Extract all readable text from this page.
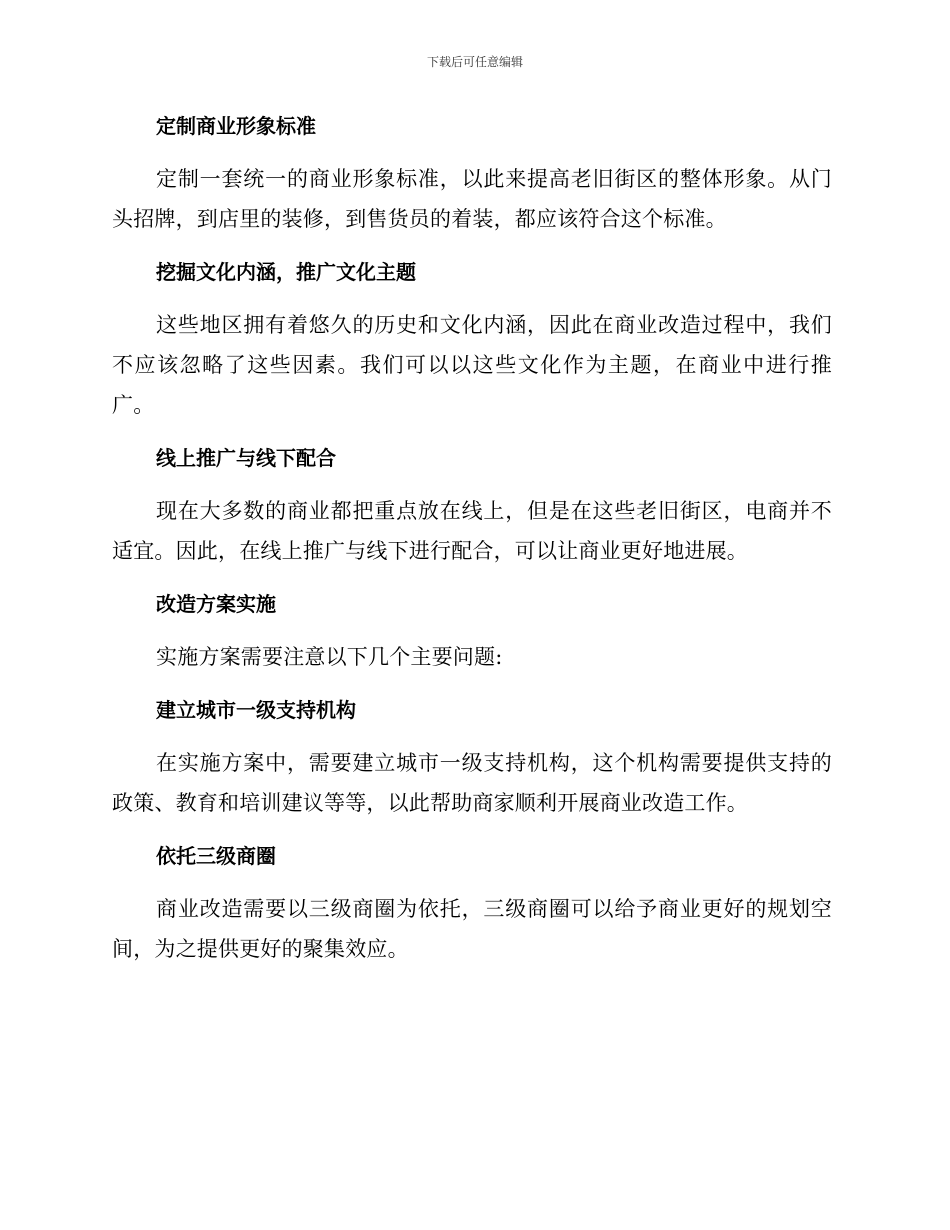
下载后可任意编辑
定制商业形象标准

定制一套统一的商业形象标准，以此来提高老旧街区的整体形象。从门头招牌，到店里的装修，到售货员的着装，都应该符合这个标准。

挖掘文化内涵，推广文化主题

这些地区拥有着悠久的历史和文化内涵，因此在商业改造过程中，我们不应该忽略了这些因素。我们可以以这些文化作为主题，在商业中进行推广。

线上推广与线下配合

现在大多数的商业都把重点放在线上，但是在这些老旧街区，电商并不适宜。因此，在线上推广与线下进行配合，可以让商业更好地进展。

改造方案实施

实施方案需要注意以下几个主要问题:

建立城市一级支持机构

在实施方案中，需要建立城市一级支持机构，这个机构需要提供支持的政策、教育和培训建议等等，以此帮助商家顺利开展商业改造工作。

依托三级商圈

商业改造需要以三级商圈为依托，三级商圈可以给予商业更好的规划空间，为之提供更好的聚集效应。
